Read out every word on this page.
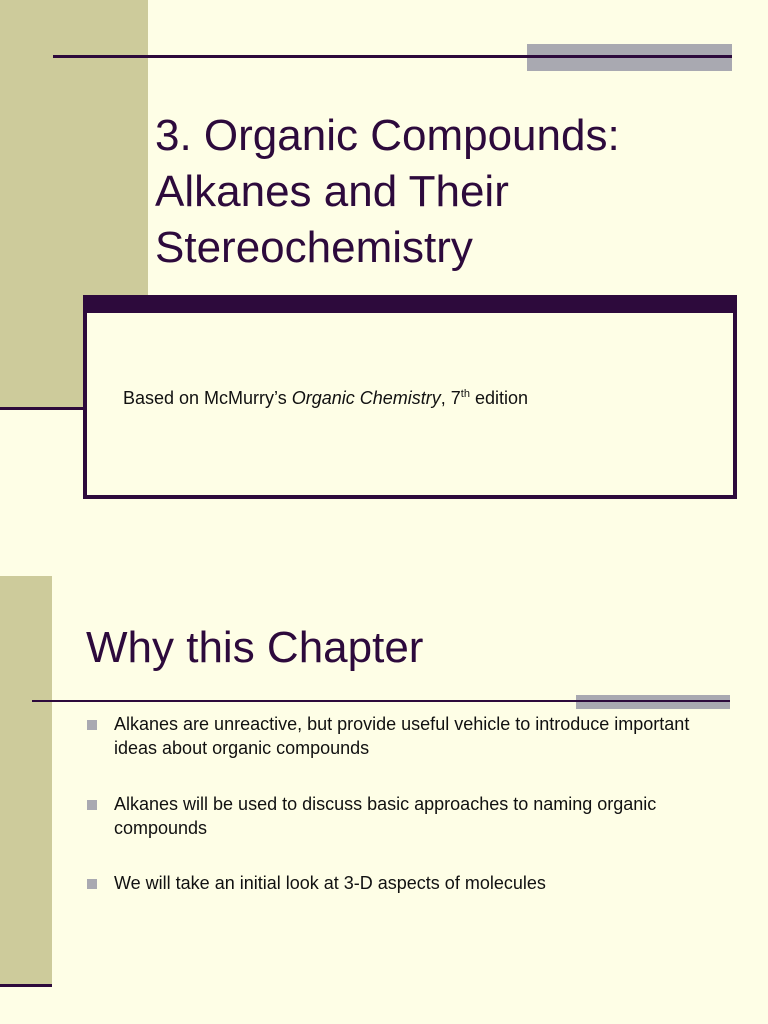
3. Organic Compounds:
Alkanes and Their
Stereochemistry
Based on McMurry’s Organic Chemistry, 7th edition
Why this Chapter
Alkanes are unreactive, but provide useful vehicle to introduce important ideas about organic compounds
Alkanes will be used to discuss basic approaches to naming organic compounds
We will take an initial look at 3-D aspects of molecules
